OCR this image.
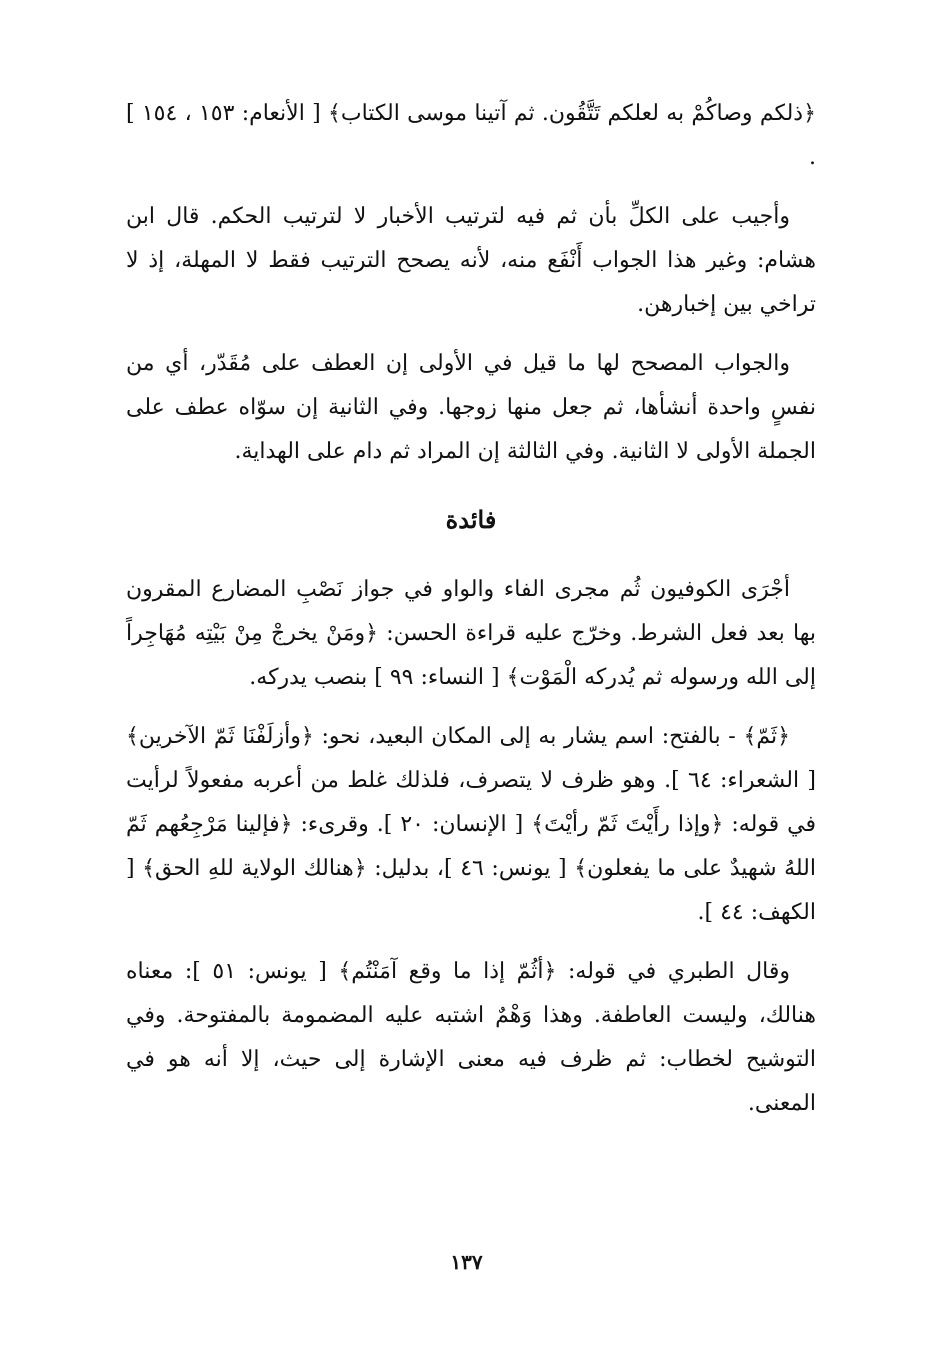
﴿ذلكم وصاكُمْ به لعلكم تَتَّقُون. ثم آتينا موسى الكتاب﴾ [ الأنعام: ١٥٣ ، ١٥٤ ] .

وأجيب على الكلِّ بأن ثم فيه لترتيب الأخبار لا لترتيب الحكم. قال ابن هشام: وغير هذا الجواب أَنْفَع منه، لأنه يصحح الترتيب فقط لا المهلة، إذ لا تراخي بين إخبارهن.

والجواب المصحح لها ما قيل في الأولى إن العطف على مُقَدّر، أي من نفسٍ واحدة أنشأها، ثم جعل منها زوجها. وفي الثانية إن سوّاه عطف على الجملة الأولى لا الثانية. وفي الثالثة إن المراد ثم دام على الهداية.

فائدة

أجْرَى الكوفيون ثُم مجرى الفاء والواو في جواز نَصْبِ المضارع المقرون بها بعد فعل الشرط. وخرّج عليه قراءة الحسن: ﴿ومَنْ يخرجْ مِنْ بَيْتِه مُهَاجِراً إلى الله ورسوله ثم يُدركه الْمَوْت﴾ [ النساء: ٩٩ ] بنصب يدركه.

﴿ثَمّ﴾ - بالفتح: اسم يشار به إلى المكان البعيد، نحو: ﴿وأزلَفْنَا ثَمّ الآخرين﴾ [ الشعراء: ٦٤ ]. وهو ظرف لا يتصرف، فلذلك غلط من أعربه مفعولاً لرأيت في قوله: ﴿وإذا رأَيْتَ ثَمّ رأيْتَ﴾ [ الإنسان: ٢٠ ]. وقرىء: ﴿فإلينا مَرْجِعُهم ثَمّ اللهُ شهيدٌ على ما يفعلون﴾ [ يونس: ٤٦ ]، بدليل: ﴿هنالك الولاية للهِ الحق﴾ [ الكهف: ٤٤ ].

وقال الطبري في قوله: ﴿أثُمّ إذا ما وقع آمَنْتُم﴾ [ يونس: ٥١ ]: معناه هنالك، وليست العاطفة. وهذا وَهْمٌ اشتبه عليه المضمومة بالمفتوحة. وفي التوشيح لخطاب: ثم ظرف فيه معنى الإشارة إلى حيث، إلا أنه هو في المعنى.

١٣٧
